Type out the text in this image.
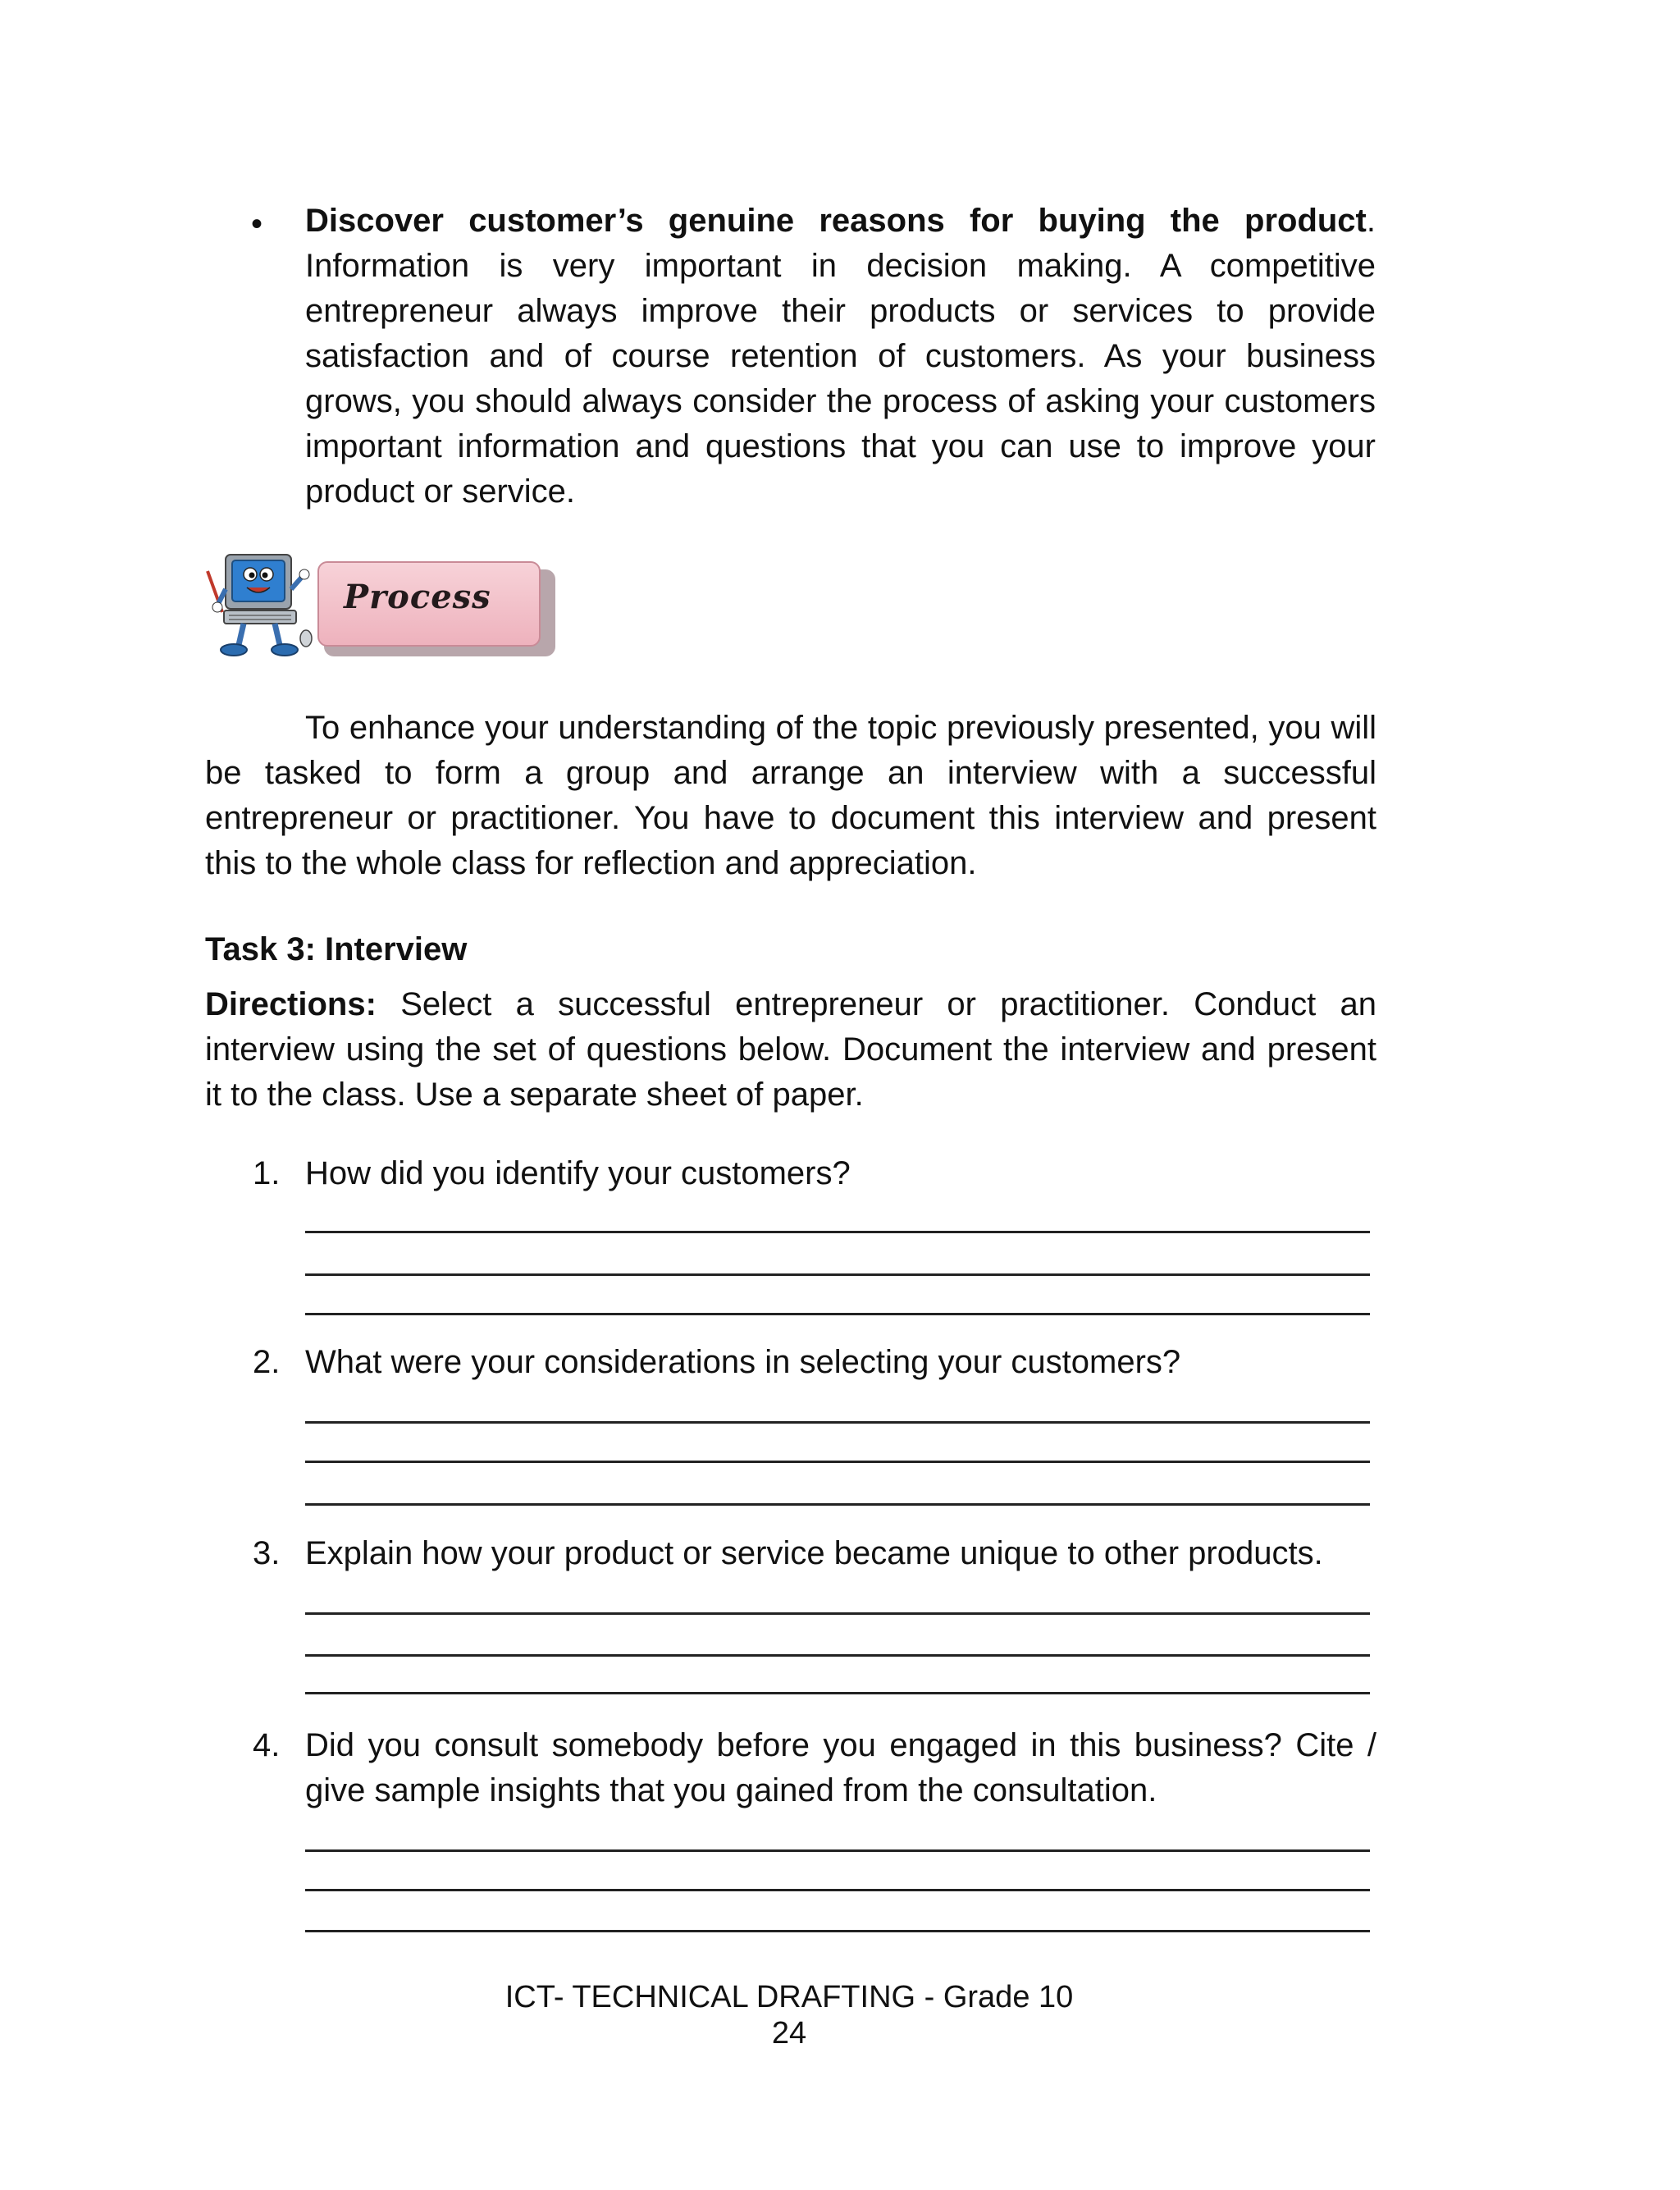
• Discover customer’s genuine reasons for buying the product. Information is very important in decision making. A competitive entrepreneur always improve their products or services to provide satisfaction and of course retention of customers. As your business grows, you should always consider the process of asking your customers important information and questions that you can use to improve your product or service.
Process
To enhance your understanding of the topic previously presented, you will be tasked to form a group and arrange an interview with a successful entrepreneur or practitioner. You have to document this interview and present this to the whole class for reflection and appreciation.
Task 3: Interview
Directions: Select a successful entrepreneur or practitioner. Conduct an interview using the set of questions below. Document the interview and present it to the class. Use a separate sheet of paper.
1. How did you identify your customers?
2. What were your considerations in selecting your customers?
3. Explain how your product or service became unique to other products.
4. Did you consult somebody before you engaged in this business? Cite / give sample insights that you gained from the consultation.
ICT- TECHNICAL DRAFTING - Grade 10
24
